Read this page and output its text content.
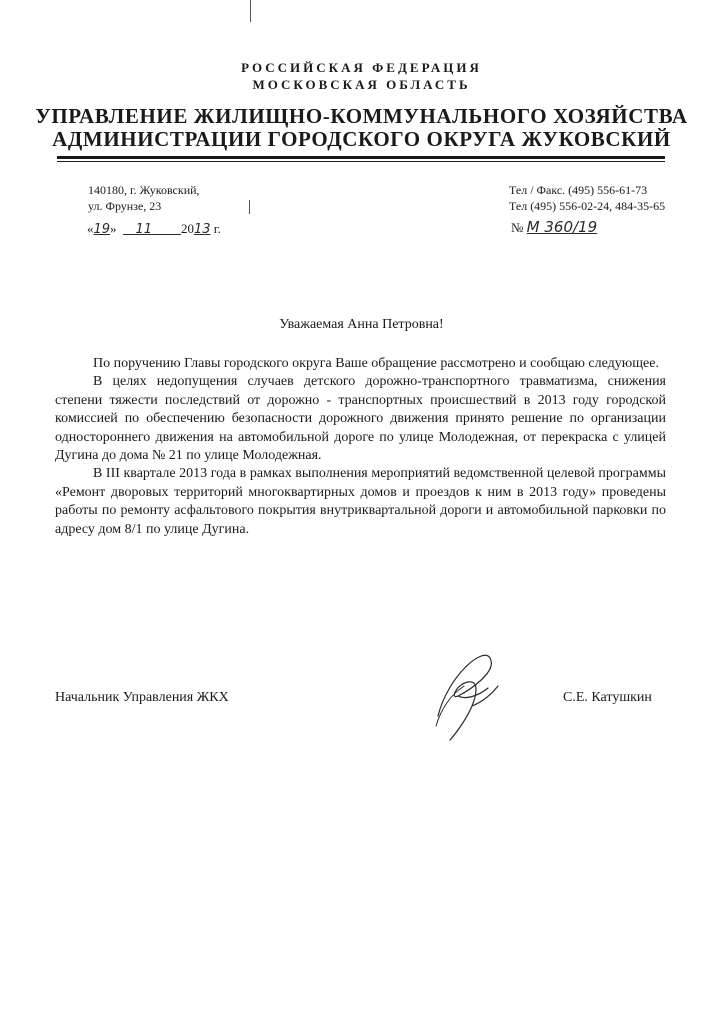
РОССИЙСКАЯ ФЕДЕРАЦИЯ
МОСКОВСКАЯ ОБЛАСТЬ
УПРАВЛЕНИЕ ЖИЛИЩНО-КОММУНАЛЬНОГО ХОЗЯЙСТВА
АДМИНИСТРАЦИИ ГОРОДСКОГО ОКРУГА ЖУКОВСКИЙ
140180, г. Жуковский,
ул. Фрунзе, 23
Тел / Факс. (495) 556-61-73
Тел (495) 556-02-24, 484-35-65
«19» 11 2013 г.	№ М 360/19
Уважаемая Анна Петровна!

По поручению Главы городского округа Ваше обращение рассмотрено и сообщаю следующее.

В целях недопущения случаев детского дорожно-транспортного травматизма, снижения степени тяжести последствий от дорожно - транспортных происшествий в 2013 году городской комиссией по обеспечению безопасности дорожного движения принято решение по организации одностороннего движения на автомобильной дороге по улице Молодежная, от перекраска с улицей Дугина до дома № 21 по улице Молодежная.

В III квартале 2013 года в рамках выполнения мероприятий ведомственной целевой программы «Ремонт дворовых территорий многоквартирных домов и проездов к ним в 2013 году» проведены работы по ремонту асфальтового покрытия внутриквартальной дороги и автомобильной парковки по адресу дом 8/1 по улице Дугина.

Начальник Управления ЖКХ	С.Е. Катушкин
